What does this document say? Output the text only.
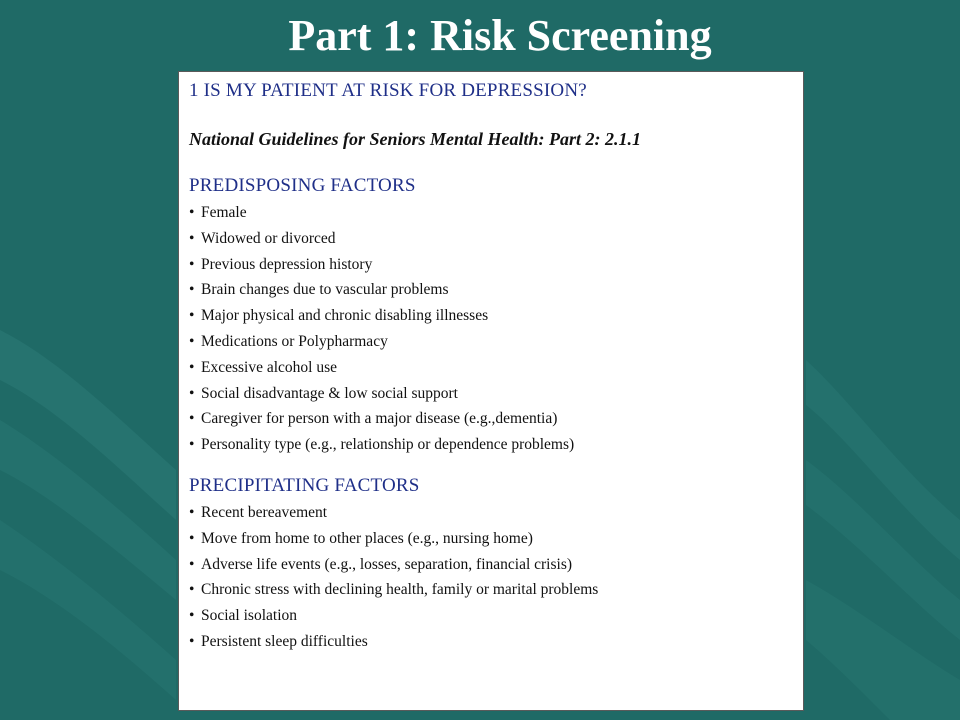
Part 1: Risk Screening
1 IS MY PATIENT AT RISK FOR DEPRESSION?
National Guidelines for Seniors Mental Health: Part 2: 2.1.1
PREDISPOSING FACTORS
• Female
• Widowed or divorced
• Previous depression history
• Brain changes due to vascular problems
• Major physical and chronic disabling illnesses
• Medications or Polypharmacy
• Excessive alcohol use
• Social disadvantage & low social support
• Caregiver for person with a major disease (e.g.,dementia)
• Personality type (e.g., relationship or dependence problems)
PRECIPITATING FACTORS
• Recent bereavement
• Move from home to other places (e.g., nursing home)
• Adverse life events (e.g., losses, separation, financial crisis)
• Chronic stress with declining health, family or marital problems
• Social isolation
• Persistent sleep difficulties
